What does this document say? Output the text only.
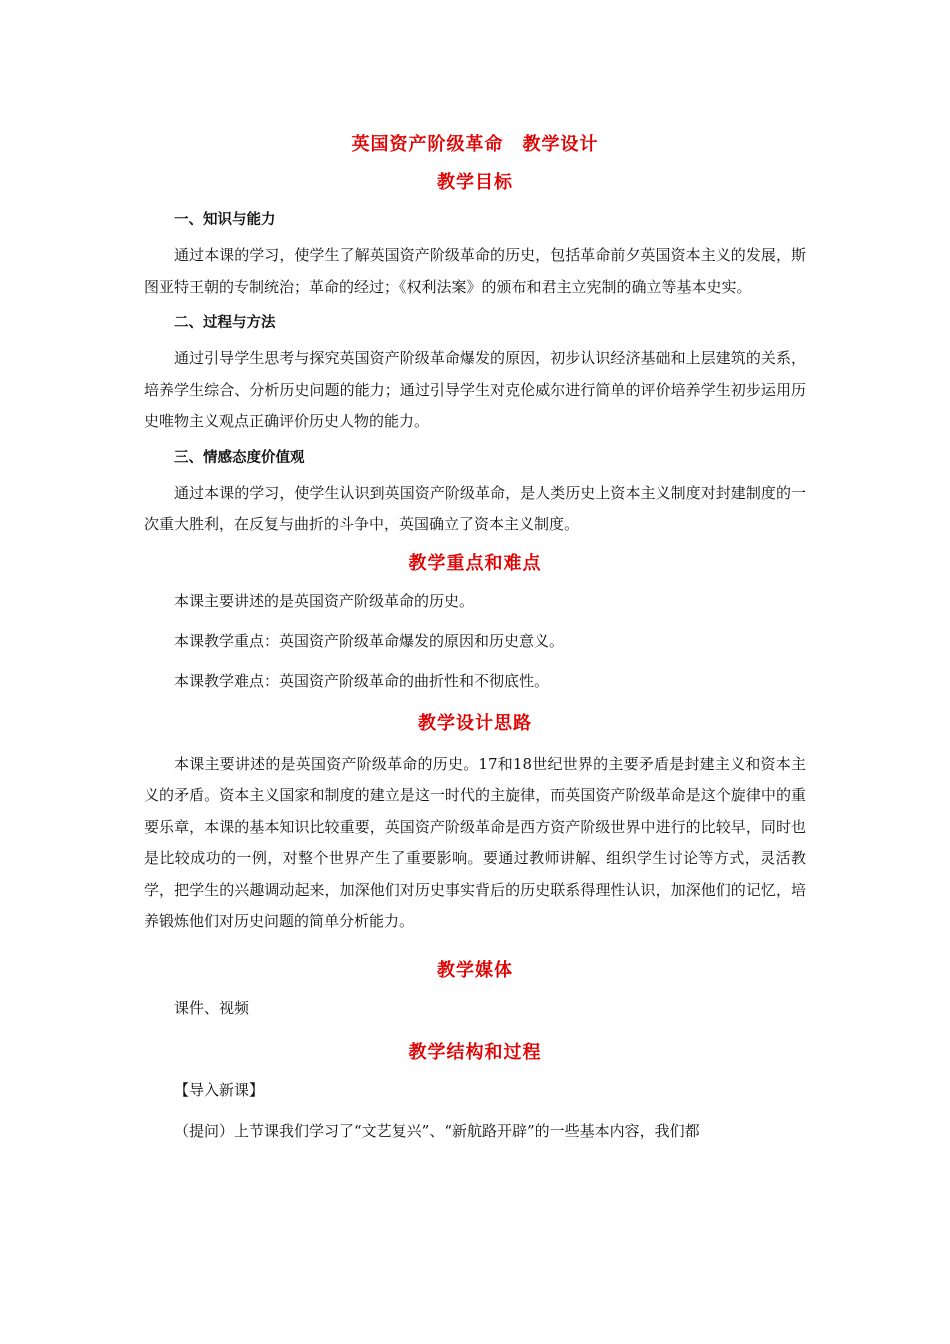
英国资产阶级革命　教学设计
教学目标
一、知识与能力

通过本课的学习，使学生了解英国资产阶级革命的历史，包括革命前夕英国资本主义的发展，斯图亚特王朝的专制统治；革命的经过；《权利法案》的颁布和君主立宪制的确立等基本史实。

二、过程与方法

通过引导学生思考与探究英国资产阶级革命爆发的原因，初步认识经济基础和上层建筑的关系，培养学生综合、分析历史问题的能力；通过引导学生对克伦威尔进行简单的评价培养学生初步运用历史唯物主义观点正确评价历史人物的能力。

三、情感态度价值观

通过本课的学习，使学生认识到英国资产阶级革命，是人类历史上资本主义制度对封建制度的一次重大胜利，在反复与曲折的斗争中，英国确立了资本主义制度。

教学重点和难点

本课主要讲述的是英国资产阶级革命的历史。

本课教学重点：英国资产阶级革命爆发的原因和历史意义。

本课教学难点：英国资产阶级革命的曲折性和不彻底性。

教学设计思路

本课主要讲述的是英国资产阶级革命的历史。17和18世纪世界的主要矛盾是封建主义和资本主义的矛盾。资本主义国家和制度的建立是这一时代的主旋律，而英国资产阶级革命是这个旋律中的重要乐章，本课的基本知识比较重要，英国资产阶级革命是西方资产阶级世界中进行的比较早，同时也是比较成功的一例，对整个世界产生了重要影响。要通过教师讲解、组织学生讨论等方式，灵活教学，把学生的兴趣调动起来，加深他们对历史事实背后的历史联系得理性认识，加深他们的记忆，培养锻炼他们对历史问题的简单分析能力。

教学媒体

课件、视频

教学结构和过程
【导入新课】

（提问）上节课我们学习了“文艺复兴”、“新航路开辟”的一些基本内容，我们都
